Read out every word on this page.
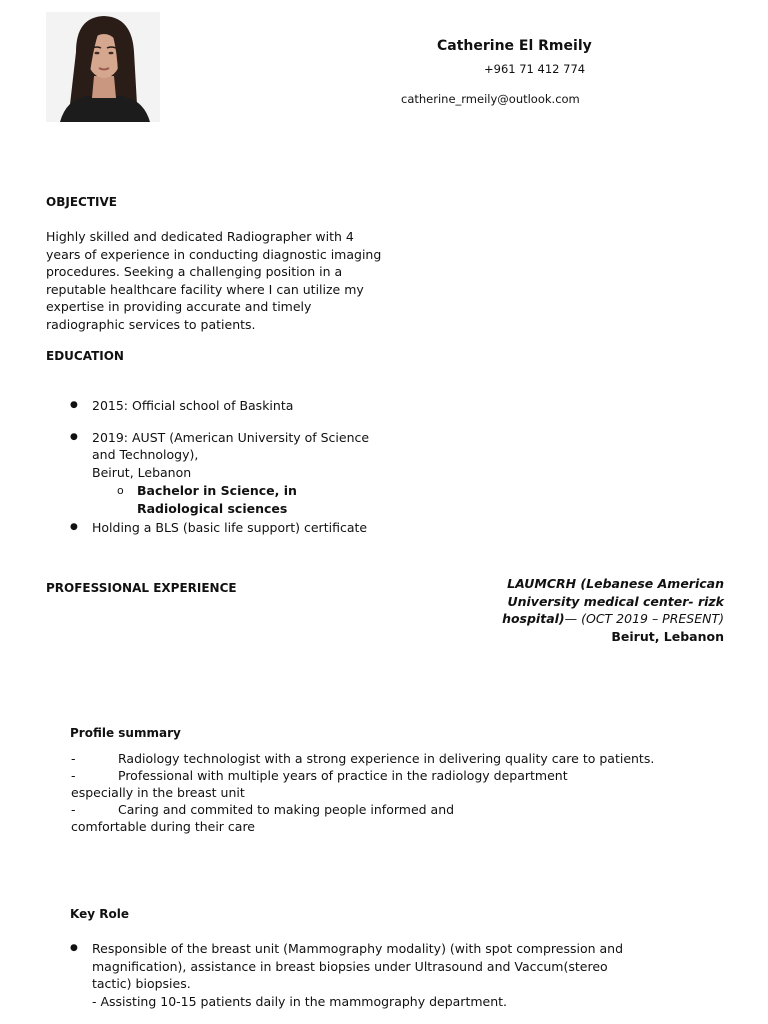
Catherine El Rmeily
+961 71 412 774
catherine_rmeily@outlook.com
OBJECTIVE
Highly skilled and dedicated Radiographer with 4 years of experience in conducting diagnostic imaging procedures. Seeking a challenging position in a reputable healthcare facility where I can utilize my expertise in providing accurate and timely radiographic services to patients.
EDUCATION
● 2015: Official school of Baskinta
● 2019: AUST (American University of Science and Technology),
Beirut, Lebanon
o Bachelor in Science, in Radiological sciences
● Holding a BLS (basic life support) certificate
PROFESSIONAL EXPERIENCE	LAUMCRH (Lebanese American University medical center- rizk hospital)— (OCT 2019 – PRESENT)
Beirut, Lebanon
Profile summary
-	Radiology technologist with a strong experience in delivering quality care to patients.
-	Professional with multiple years of practice in the radiology department
especially in the breast unit
-	Caring and commited to making people informed and
comfortable during their care
Key Role
● Responsible of the breast unit (Mammography modality) (with spot compression and magnification), assistance in breast biopsies under Ultrasound and Vaccum(stereo tactic) biopsies.
- Assisting 10-15 patients daily in the mammography department.
